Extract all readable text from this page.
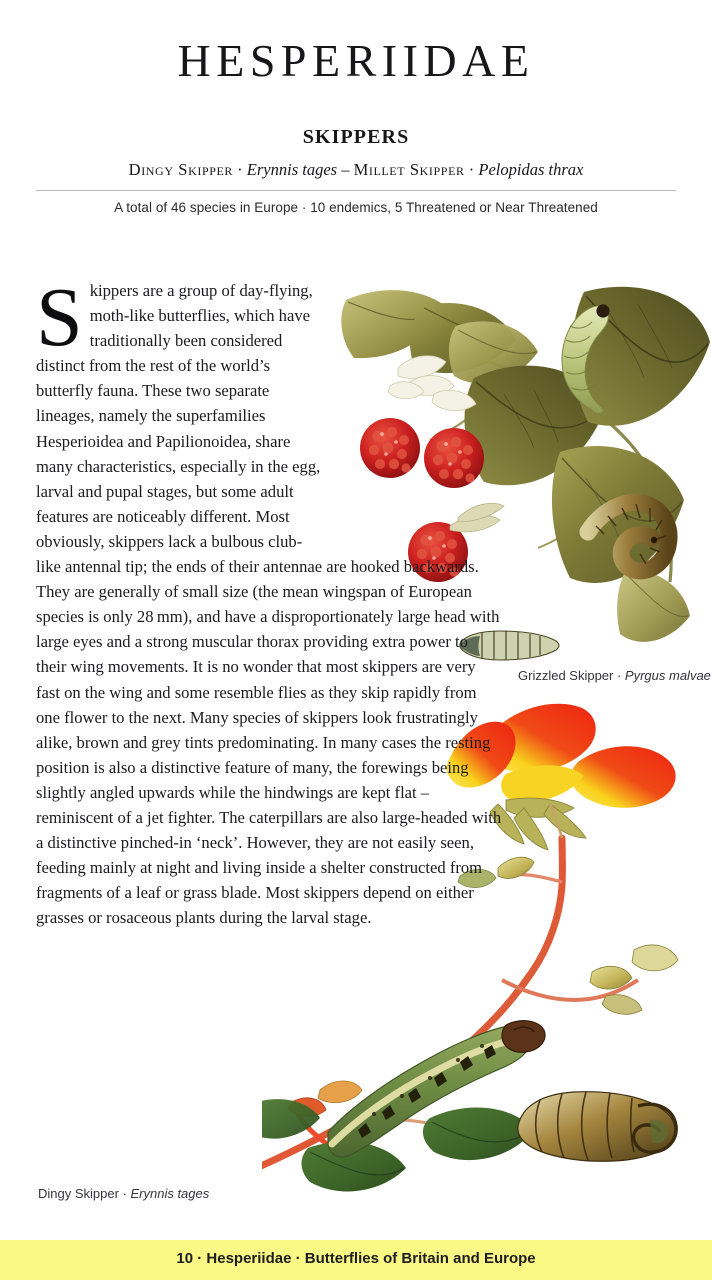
HESPERIIDAE
SKIPPERS
Dingy Skipper · Erynnis tages – Millet Skipper · Pelopidas thrax
A total of 46 species in Europe · 10 endemics, 5 Threatened or Near Threatened
Skippers are a group of day-flying, moth-like butterflies, which have traditionally been considered distinct from the rest of the world’s butterfly fauna. These two separate lineages, namely the superfamilies Hesperioidea and Papilionoidea, share many characteristics, especially in the egg, larval and pupal stages, but some adult features are noticeably different. Most obviously, skippers lack a bulbous club-like antennal tip; the ends of their antennae are hooked backwards. They are generally of small size (the mean wingspan of European species is only 28 mm), and have a disproportionately large head with large eyes and a strong muscular thorax providing extra power to their wing movements. It is no wonder that most skippers are very fast on the wing and some resemble flies as they skip rapidly from one flower to the next. Many species of skippers look frustratingly alike, brown and grey tints predominating. In many cases the resting position is also a distinctive feature of many, the forewings being slightly angled upwards while the hindwings are kept flat – reminiscent of a jet fighter. The caterpillars are also large-headed with a distinctive pinched-in ‘neck’. However, they are not easily seen, feeding mainly at night and living inside a shelter constructed from fragments of a leaf or grass blade. Most skippers depend on either grasses or rosaceous plants during the larval stage.
Grizzled Skipper · Pyrgus malvae
Dingy Skipper · Erynnis tages
10 · Hesperiidae · Butterflies of Britain and Europe
